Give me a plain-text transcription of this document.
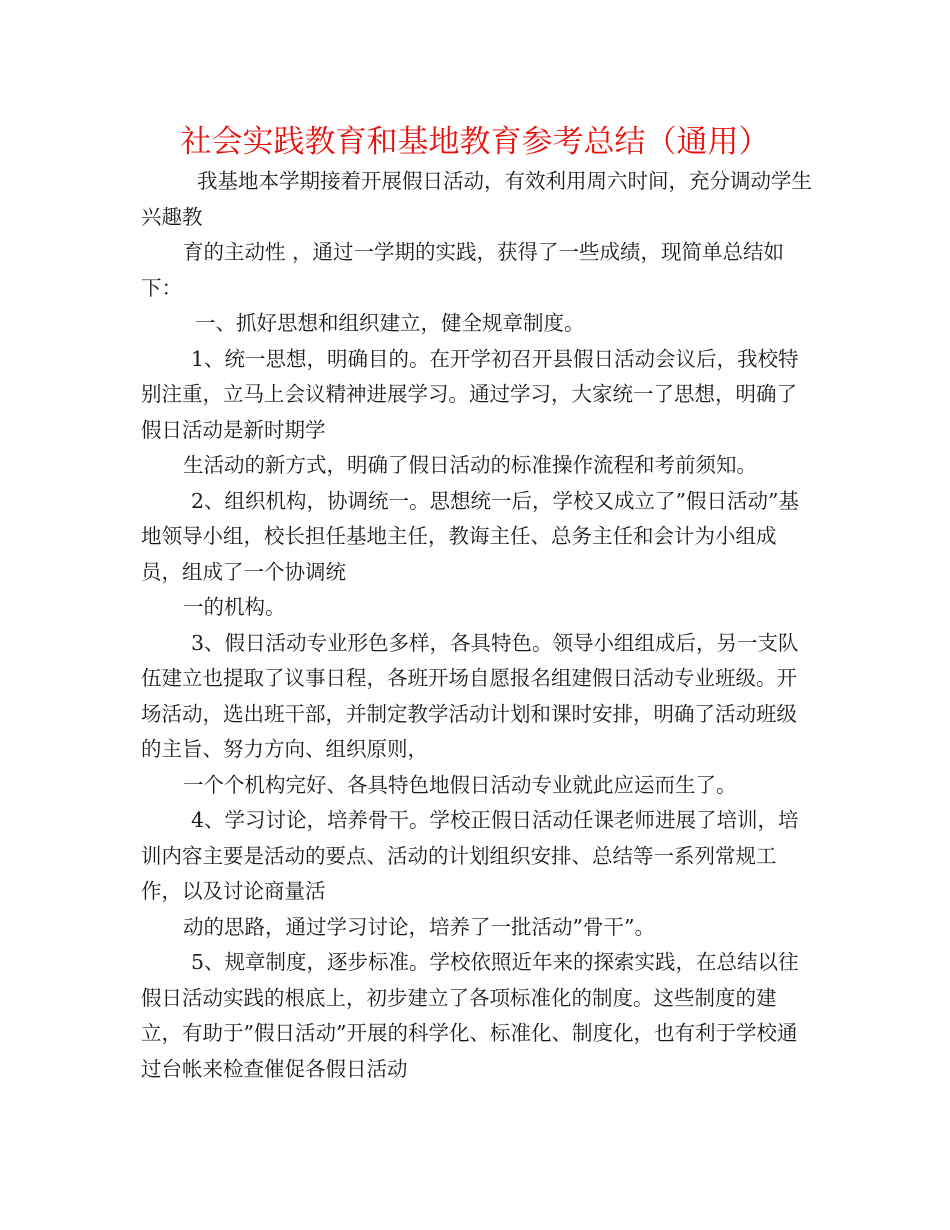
社会实践教育和基地教育参考总结（通用）

我基地本学期接着开展假日活动，有效利用周六时间，充分调动学生兴趣教

育的主动性 ，通过一学期的实践，获得了一些成绩，现简单总结如下：

一、抓好思想和组织建立，健全规章制度。

1、统一思想，明确目的。在开学初召开县假日活动会议后，我校特别注重，立马上会议精神进展学习。通过学习，大家统一了思想，明确了假日活动是新时期学

生活动的新方式，明确了假日活动的标准操作流程和考前须知。

2、组织机构，协调统一。思想统一后，学校又成立了”假日活动”基地领导小组，校长担任基地主任，教诲主任、总务主任和会计为小组成员，组成了一个协调统

一的机构。

3、假日活动专业形色多样，各具特色。领导小组组成后，另一支队伍建立也提取了议事日程，各班开场自愿报名组建假日活动专业班级。开场活动，选出班干部，并制定教学活动计划和课时安排，明确了活动班级的主旨、努力方向、组织原则，

一个个机构完好、各具特色地假日活动专业就此应运而生了。

4、学习讨论，培养骨干。学校正假日活动任课老师进展了培训，培训内容主要是活动的要点、活动的计划组织安排、总结等一系列常规工作，以及讨论商量活

动的思路，通过学习讨论，培养了一批活动”骨干”。

5、规章制度，逐步标准。学校依照近年来的探索实践，在总结以往假日活动实践的根底上，初步建立了各项标准化的制度。这些制度的建立，有助于”假日活动”开展的科学化、标准化、制度化，也有利于学校通过台帐来检查催促各假日活动
